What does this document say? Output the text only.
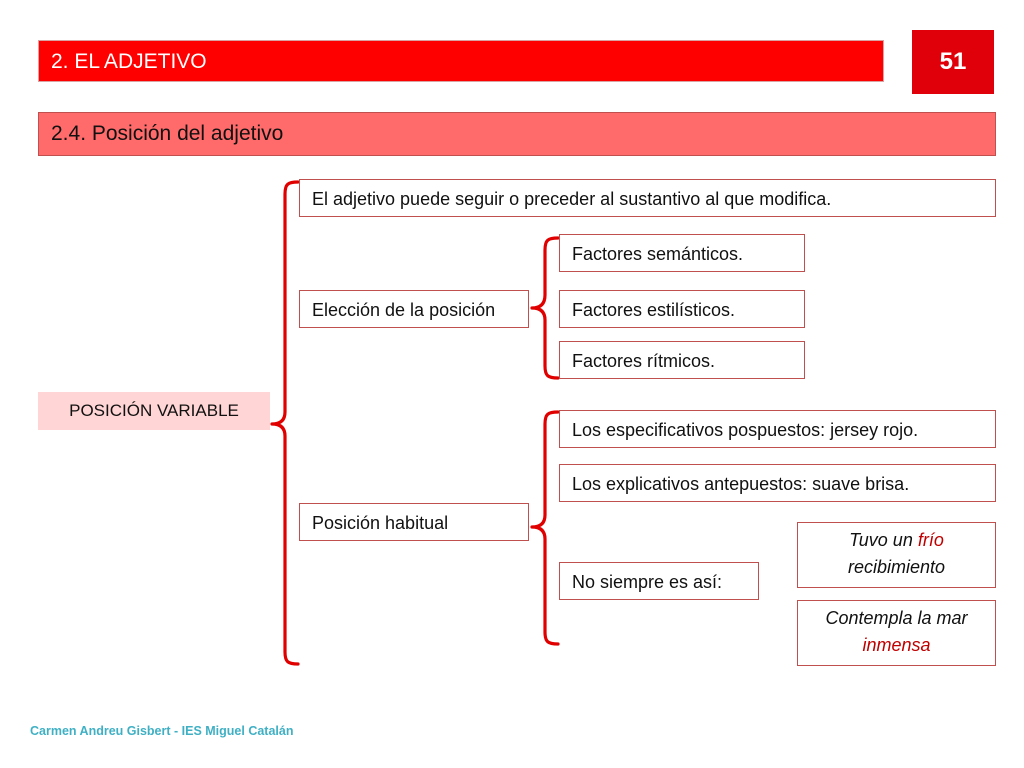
2. EL ADJETIVO	51
2.4. Posición del adjetivo
POSICIÓN VARIABLE
El adjetivo puede seguir o preceder al sustantivo al que modifica.
Elección de la posición
Factores semánticos.
Factores estilísticos.
Factores rítmicos.
Posición habitual
Los especificativos pospuestos: jersey rojo.
Los explicativos antepuestos: suave brisa.
No siempre es así:
Tuvo un frío recibimiento
Contempla la mar inmensa
Carmen Andreu Gisbert - IES Miguel Catalán
